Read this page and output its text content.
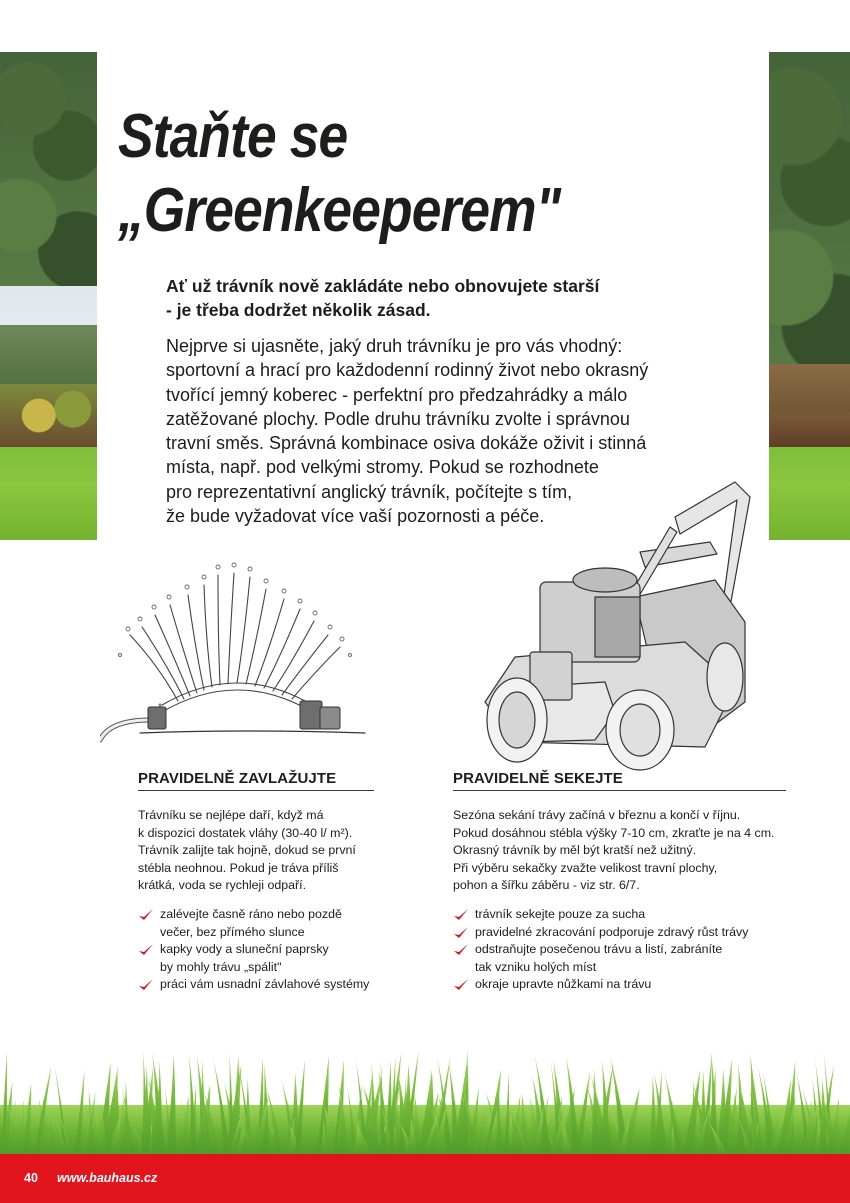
Staňte se
„Greenkeeperem"

Ať už trávník nově zakládáte nebo obnovujete starší
- je třeba dodržet několik zásad.

Nejprve si ujasněte, jaký druh trávníku je pro vás vhodný:
sportovní a hrací pro každodenní rodinný život nebo okrasný
tvořící jemný koberec - perfektní pro předzahrádky a málo
zatěžované plochy. Podle druhu trávníku zvolte i správnou
travní směs. Správná kombinace osiva dokáže oživit i stinná
místa, např. pod velkými stromy. Pokud se rozhodnete
pro reprezentativní anglický trávník, počítejte s tím,
že bude vyžadovat více vaší pozornosti a péče.

PRAVIDELNĚ ZAVLAŽUJTE

Trávníku se nejlépe daří, když má
k dispozici dostatek vláhy (30-40 l/ m²).
Trávník zalijte tak hojně, dokud se první
stébla neohnou. Pokud je tráva příliš
krátká, voda se rychleji odpaří.

zalévejte časně ráno nebo pozdě
večer, bez přímého slunce
kapky vody a sluneční paprsky
by mohly trávu „spálit"
práci vám usnadní závlahové systémy
PRAVIDELNĚ SEKEJTE

Sezóna sekání trávy začíná v březnu a končí v říjnu.
Pokud dosáhnou stébla výšky 7-10 cm, zkraťte je na 4 cm.
Okrasný trávník by měl být kratší než užitný.
Při výběru sekačky zvažte velikost travní plochy,
pohon a šířku záběru - viz str. 6/7.

trávník sekejte pouze za sucha
pravidelné zkracování podporuje zdravý růst trávy
odstraňujte posečenou trávu a listí, zabráníte
tak vzniku holých míst
okraje upravte nůžkami na trávu
40 www.bauhaus.cz
